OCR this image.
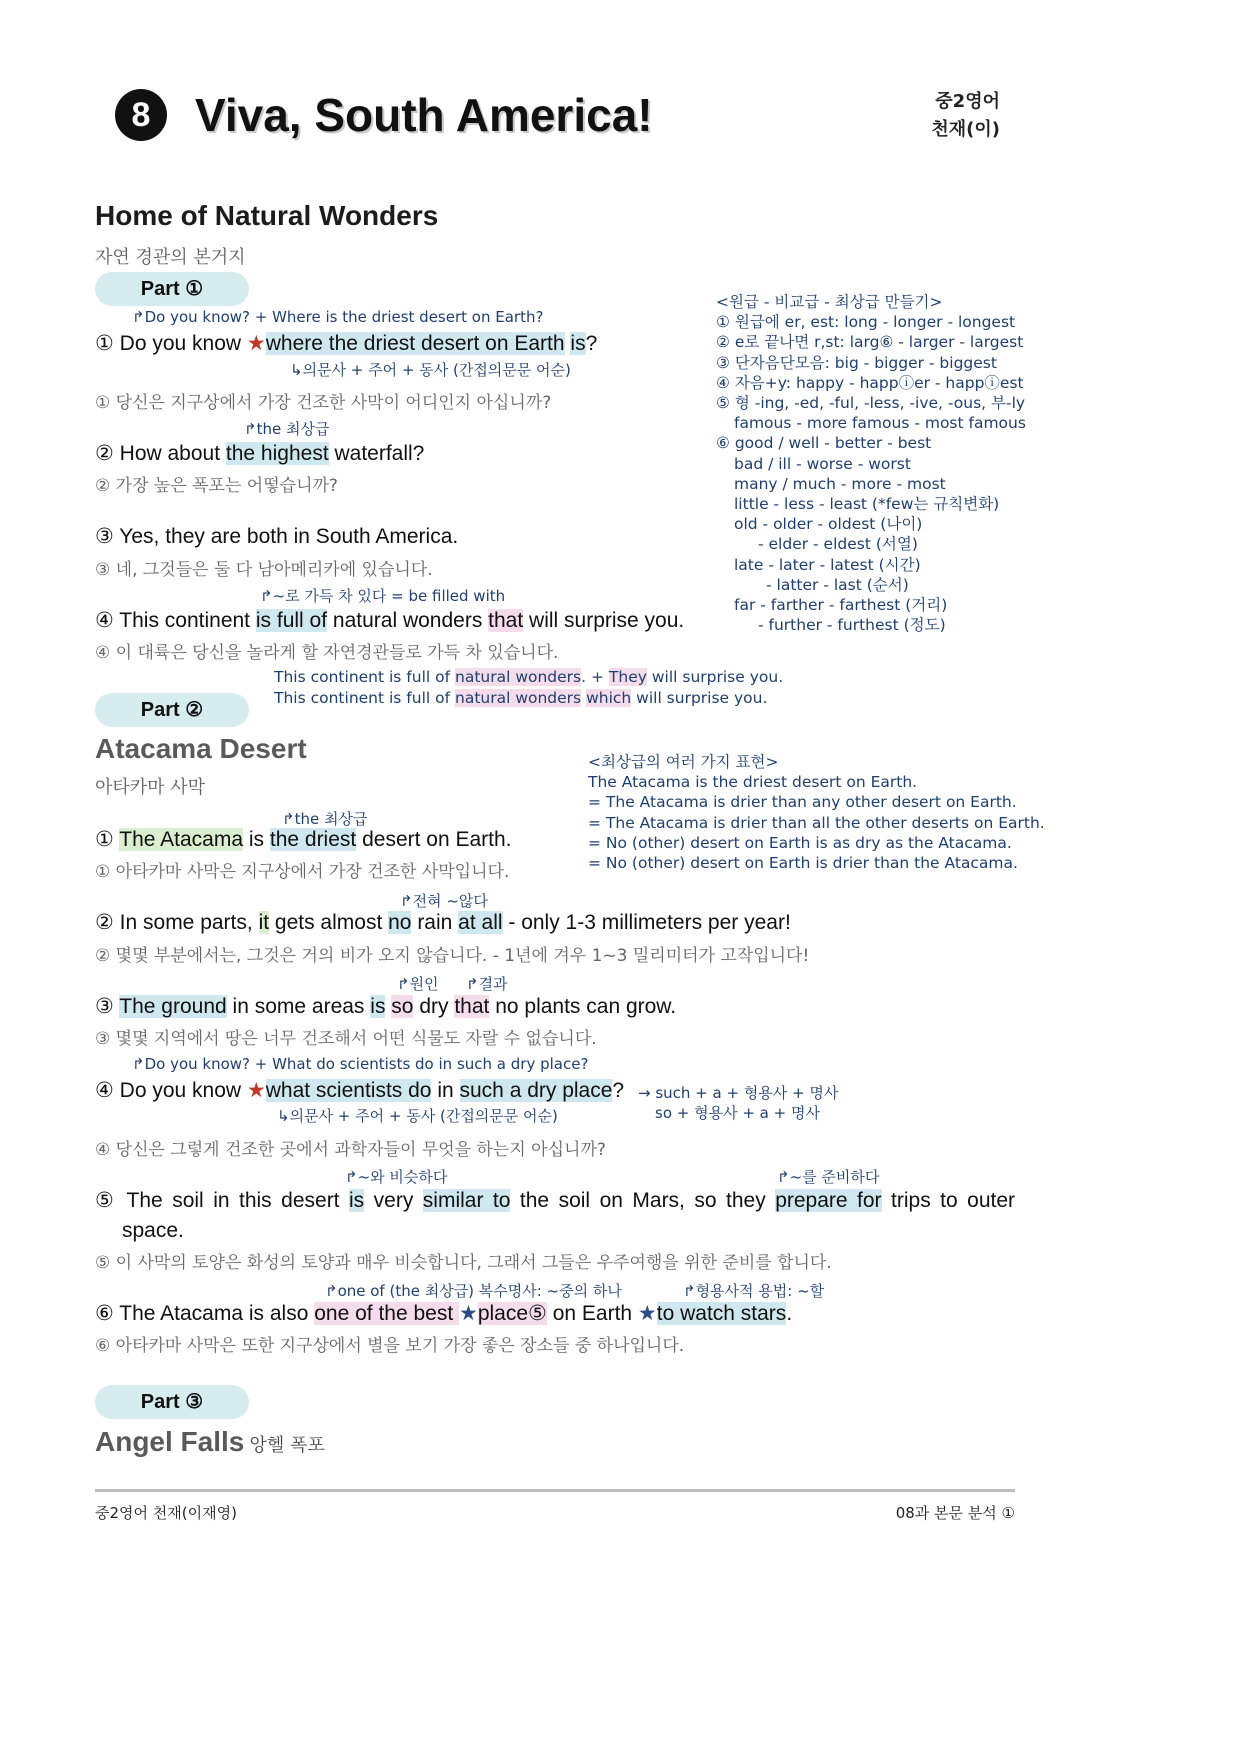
8 Viva, South America!	중2영어
천재(이)
Home of Natural Wonders
자연 경관의 본거지
Part ①
↱Do you know? + Where is the driest desert on Earth?
① Do you know ★where the driest desert on Earth is?
↳의문사 + 주어 + 동사 (간접의문문 어순)
① 당신은 지구상에서 가장 건조한 사막이 어디인지 아십니까?
↱the 최상급
② How about the highest waterfall?
② 가장 높은 폭포는 어떻습니까?
③ Yes, they are both in South America.
③ 네, 그것들은 둘 다 남아메리카에 있습니다.
↱~로 가득 차 있다 = be filled with
④ This continent is full of natural wonders that will surprise you.
④ 이 대륙은 당신을 놀라게 할 자연경관들로 가득 차 있습니다.
This continent is full of natural wonders. + They will surprise you.
This continent is full of natural wonders which will surprise you.
<원급 - 비교급 - 최상급 만들기>
① 원급에 er, est: long - longer - longest
② e로 끝나면 r,st: larg⑥ - larger - largest
③ 단자음단모음: big - bigger - biggest
④ 자음+y: happy - happⓘer - happⓘest
⑤ 형 -ing, -ed, -ful, -less, -ive, -ous, 부-ly
famous - more famous - most famous
⑥ good / well - better - best
bad / ill - worse - worst
many / much - more - most
little - less - least (*few는 규칙변화)
old - older - oldest (나이)
- elder - eldest (서열)
late - later - latest (시간)
- latter - last (순서)
far - farther - farthest (거리)
- further - furthest (정도)
Part ②
Atacama Desert
아타카마 사막
<최상급의 여러 가지 표현>
The Atacama is the driest desert on Earth.
= The Atacama is drier than any other desert on Earth.
= The Atacama is drier than all the other deserts on Earth.
= No (other) desert on Earth is as dry as the Atacama.
= No (other) desert on Earth is drier than the Atacama.
↱the 최상급
① The Atacama is the driest desert on Earth.
① 아타카마 사막은 지구상에서 가장 건조한 사막입니다.
↱전혀 ~않다
② In some parts, it gets almost no rain at all - only 1-3 millimeters per year!
② 몇몇 부분에서는, 그것은 거의 비가 오지 않습니다. - 1년에 겨우 1~3 밀리미터가 고작입니다!
↱원인 ↱결과
③ The ground in some areas is so dry that no plants can grow.
③ 몇몇 지역에서 땅은 너무 건조해서 어떤 식물도 자랄 수 없습니다.
↱Do you know? + What do scientists do in such a dry place?
④ Do you know ★what scientists do in such a dry place? → such + a + 형용사 + 명사
so + 형용사 + a + 명사
↳의문사 + 주어 + 동사 (간접의문문 어순)
④ 당신은 그렇게 건조한 곳에서 과학자들이 무엇을 하는지 아십니까?
↱~와 비슷하다	↱~를 준비하다
⑤ The soil in this desert is very similar to the soil on Mars, so they prepare for trips to outer
space.
⑤ 이 사막의 토양은 화성의 토양과 매우 비슷합니다, 그래서 그들은 우주여행을 위한 준비를 합니다.
↱one of (the 최상급) 복수명사: ~중의 하나	↱형용사적 용법: ~할
⑥ The Atacama is also one of the best ★place⑤ on Earth ★to watch stars.
⑥ 아타카마 사막은 또한 지구상에서 별을 보기 가장 좋은 장소들 중 하나입니다.
Part ③
Angel Falls 앙헬 폭포
중2영어 천재(이재영)	08과 본문 분석 ①
